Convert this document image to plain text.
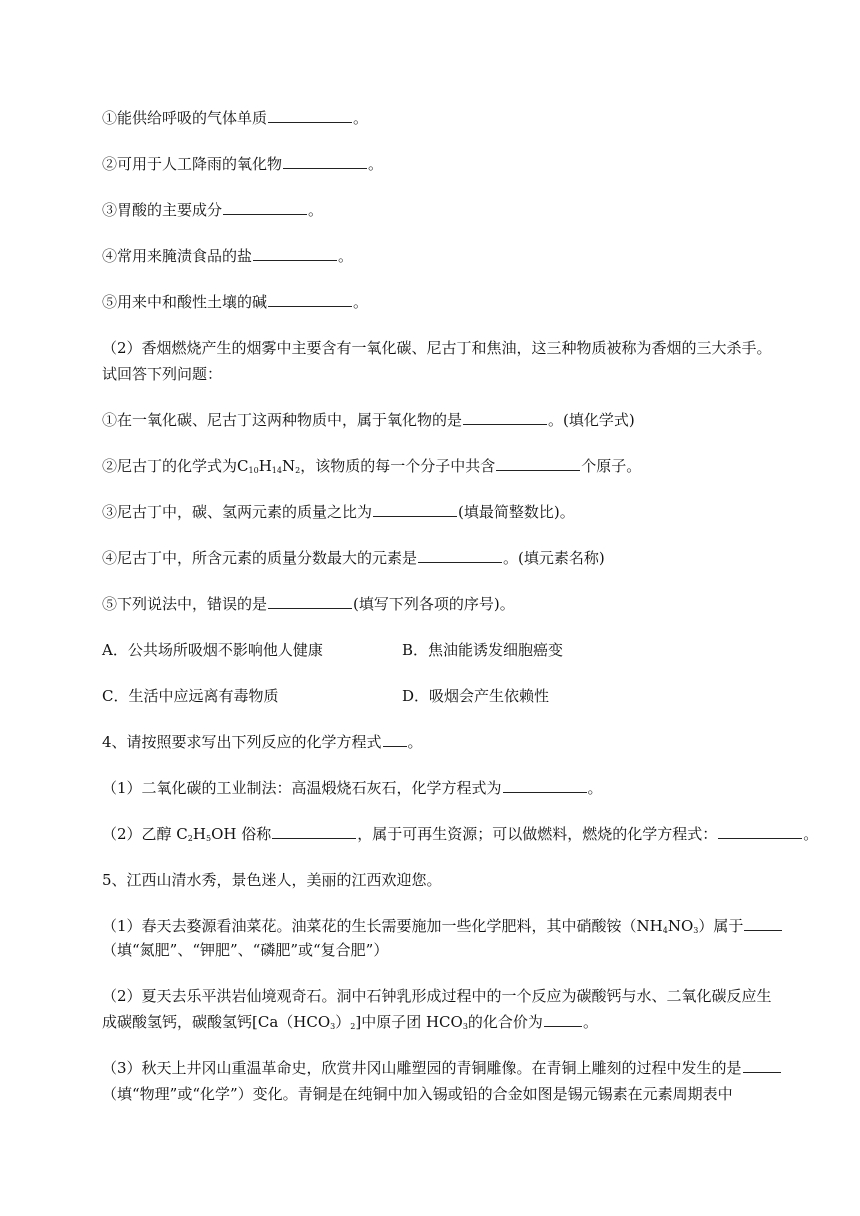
①能供给呼吸的气体单质	。
②可用于人工降雨的氧化物	。
③胃酸的主要成分	。
④常用来腌渍食品的盐	。
⑤用来中和酸性土壤的碱	。
（2）香烟燃烧产生的烟雾中主要含有一氧化碳、尼古丁和焦油，这三种物质被称为香烟的三大杀手。
试回答下列问题：
①在一氧化碳、尼古丁这两种物质中，属于氧化物的是	。(填化学式)
②尼古丁的化学式为$C_{10}H_{14}N_2$，该物质的每一个分子中共含	个原子。
③尼古丁中，碳、氢两元素的质量之比为	(填最简整数比)。
④尼古丁中，所含元素的质量分数最大的元素是	。(填元素名称)
⑤下列说法中，错误的是	(填写下列各项的序号)。
A．公共场所吸烟不影响他人健康	B．焦油能诱发细胞癌变
C．生活中应远离有毒物质	D．吸烟会产生依赖性
4、请按照要求写出下列反应的化学方程式 。
（1）二氧化碳的工业制法：高温煅烧石灰石，化学方程式为	。
（2）乙醇 $C_2H_5OH$ 俗称	，属于可再生资源；可以做燃料，燃烧的化学方程式：	。
5、江西山清水秀，景色迷人，美丽的江西欢迎您。
（1）春天去婺源看油菜花。油菜花的生长需要施加一些化学肥料，其中硝酸铵$(NH_4NO_3)$属于
（填“氮肥”、“钾肥”、“磷肥”或“复合肥”）
（2）夏天去乐平洪岩仙境观奇石。洞中石钟乳形成过程中的一个反应为碳酸钙与水、二氧化碳反应生
成碳酸氢钙，碳酸氢钙$[Ca(HCO_3)_2]$中原子团 $HCO_3$的化合价为	。
（3）秋天上井冈山重温革命史，欣赏井冈山雕塑园的青铜雕像。在青铜上雕刻的过程中发生的是
（填“物理”或“化学”）变化。青铜是在纯铜中加入锡或铅的合金如图是锡元锡素在元素周期表中
